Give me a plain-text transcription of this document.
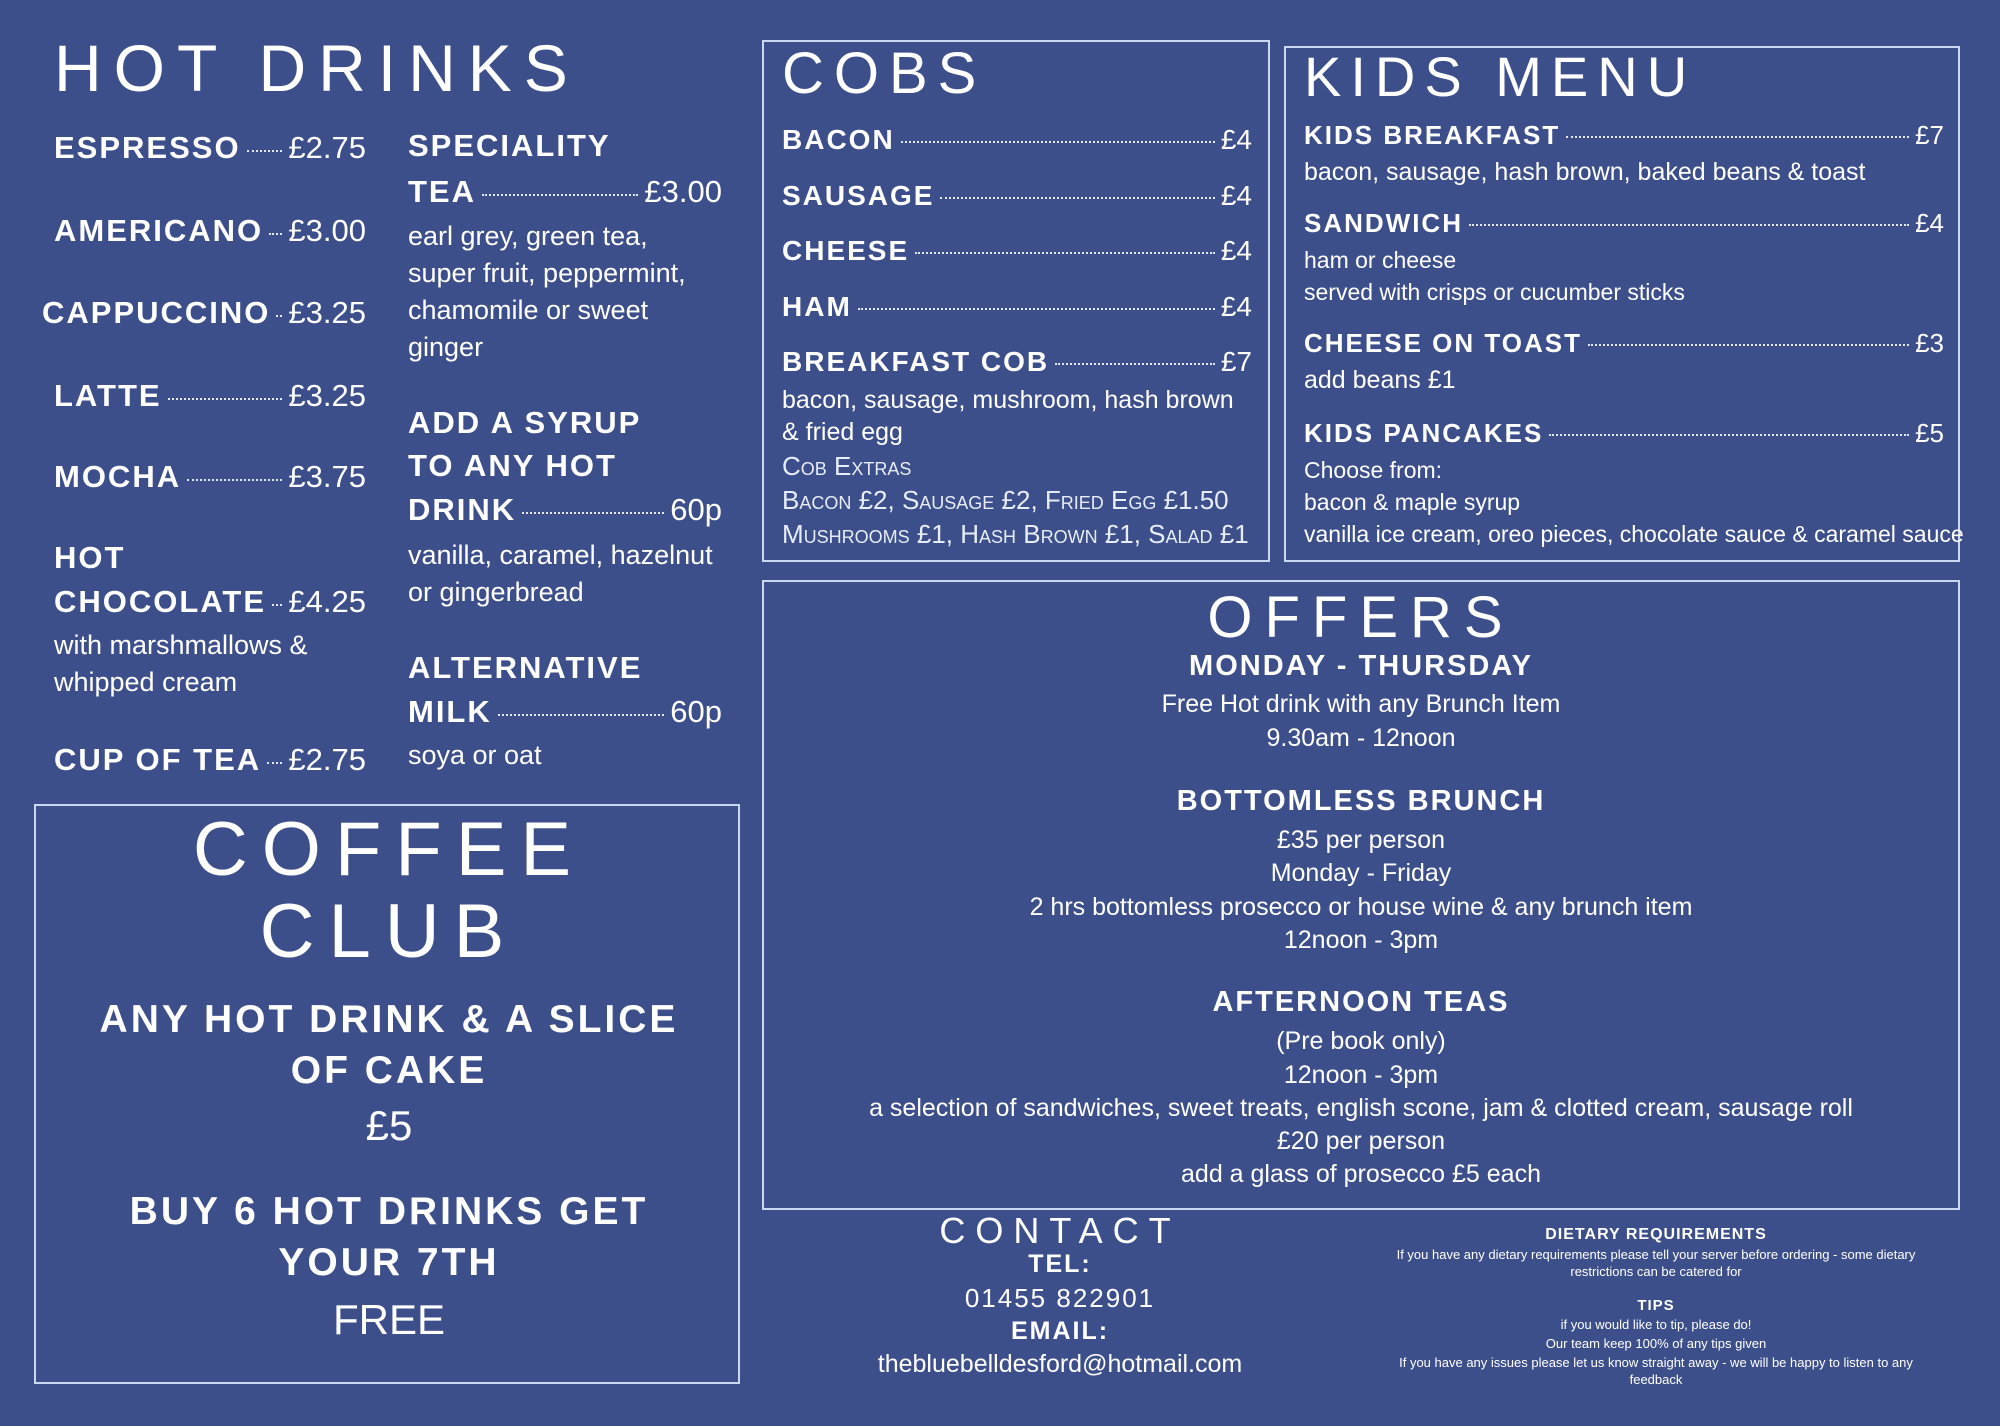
HOT DRINKS
ESPRESSO £2.75
AMERICANO £3.00
CAPPUCCINO £3.25
LATTE	£3.25
MOCHA	£3.75
HOT
CHOCOLATE £4.25
with marshmallows & whipped cream
CUP OF TEA £2.75
SPECIALITY
TEA	£3.00
earl grey, green tea, super fruit, peppermint, chamomile or sweet ginger
ADD A SYRUP
TO ANY HOT
DRINK	60p
vanilla, caramel, hazelnut or gingerbread
ALTERNATIVE
MILK	60p
soya or oat
COFFEE
CLUB
ANY HOT DRINK & A SLICE OF CAKE
£5
BUY 6 HOT DRINKS GET YOUR 7TH
FREE
COBS
BACON	£4
SAUSAGE	£4
CHEESE	£4
HAM	£4
BREAKFAST COB	£7
bacon, sausage, mushroom, hash brown & fried egg
Cob Extras
Bacon £2, Sausage £2, Fried Egg £1.50
Mushrooms £1, Hash Brown £1, Salad £1
KIDS MENU
KIDS BREAKFAST	£7
bacon, sausage, hash brown, baked beans & toast
SANDWICH	£4
ham or cheese
served with crisps or cucumber sticks
CHEESE ON TOAST	£3
add beans £1
KIDS PANCAKES	£5
Choose from:
bacon & maple syrup
vanilla ice cream, oreo pieces, chocolate sauce & caramel sauce
OFFERS
MONDAY - THURSDAY
Free Hot drink with any Brunch Item
9.30am - 12noon
BOTTOMLESS BRUNCH
£35 per person
Monday - Friday
2 hrs bottomless prosecco or house wine & any brunch item
12noon - 3pm
AFTERNOON TEAS
(Pre book only)
12noon - 3pm
a selection of sandwiches, sweet treats, english scone, jam & clotted cream, sausage roll
£20 per person
add a glass of prosecco £5 each
CONTACT
TEL:
01455 822901
EMAIL:
thebluebelldesford@hotmail.com
DIETARY REQUIREMENTS
If you have any dietary requirements please tell your server before ordering - some dietary restrictions can be catered for
TIPS
if you would like to tip, please do!
Our team keep 100% of any tips given
If you have any issues please let us know straight away - we will be happy to listen to any feedback
